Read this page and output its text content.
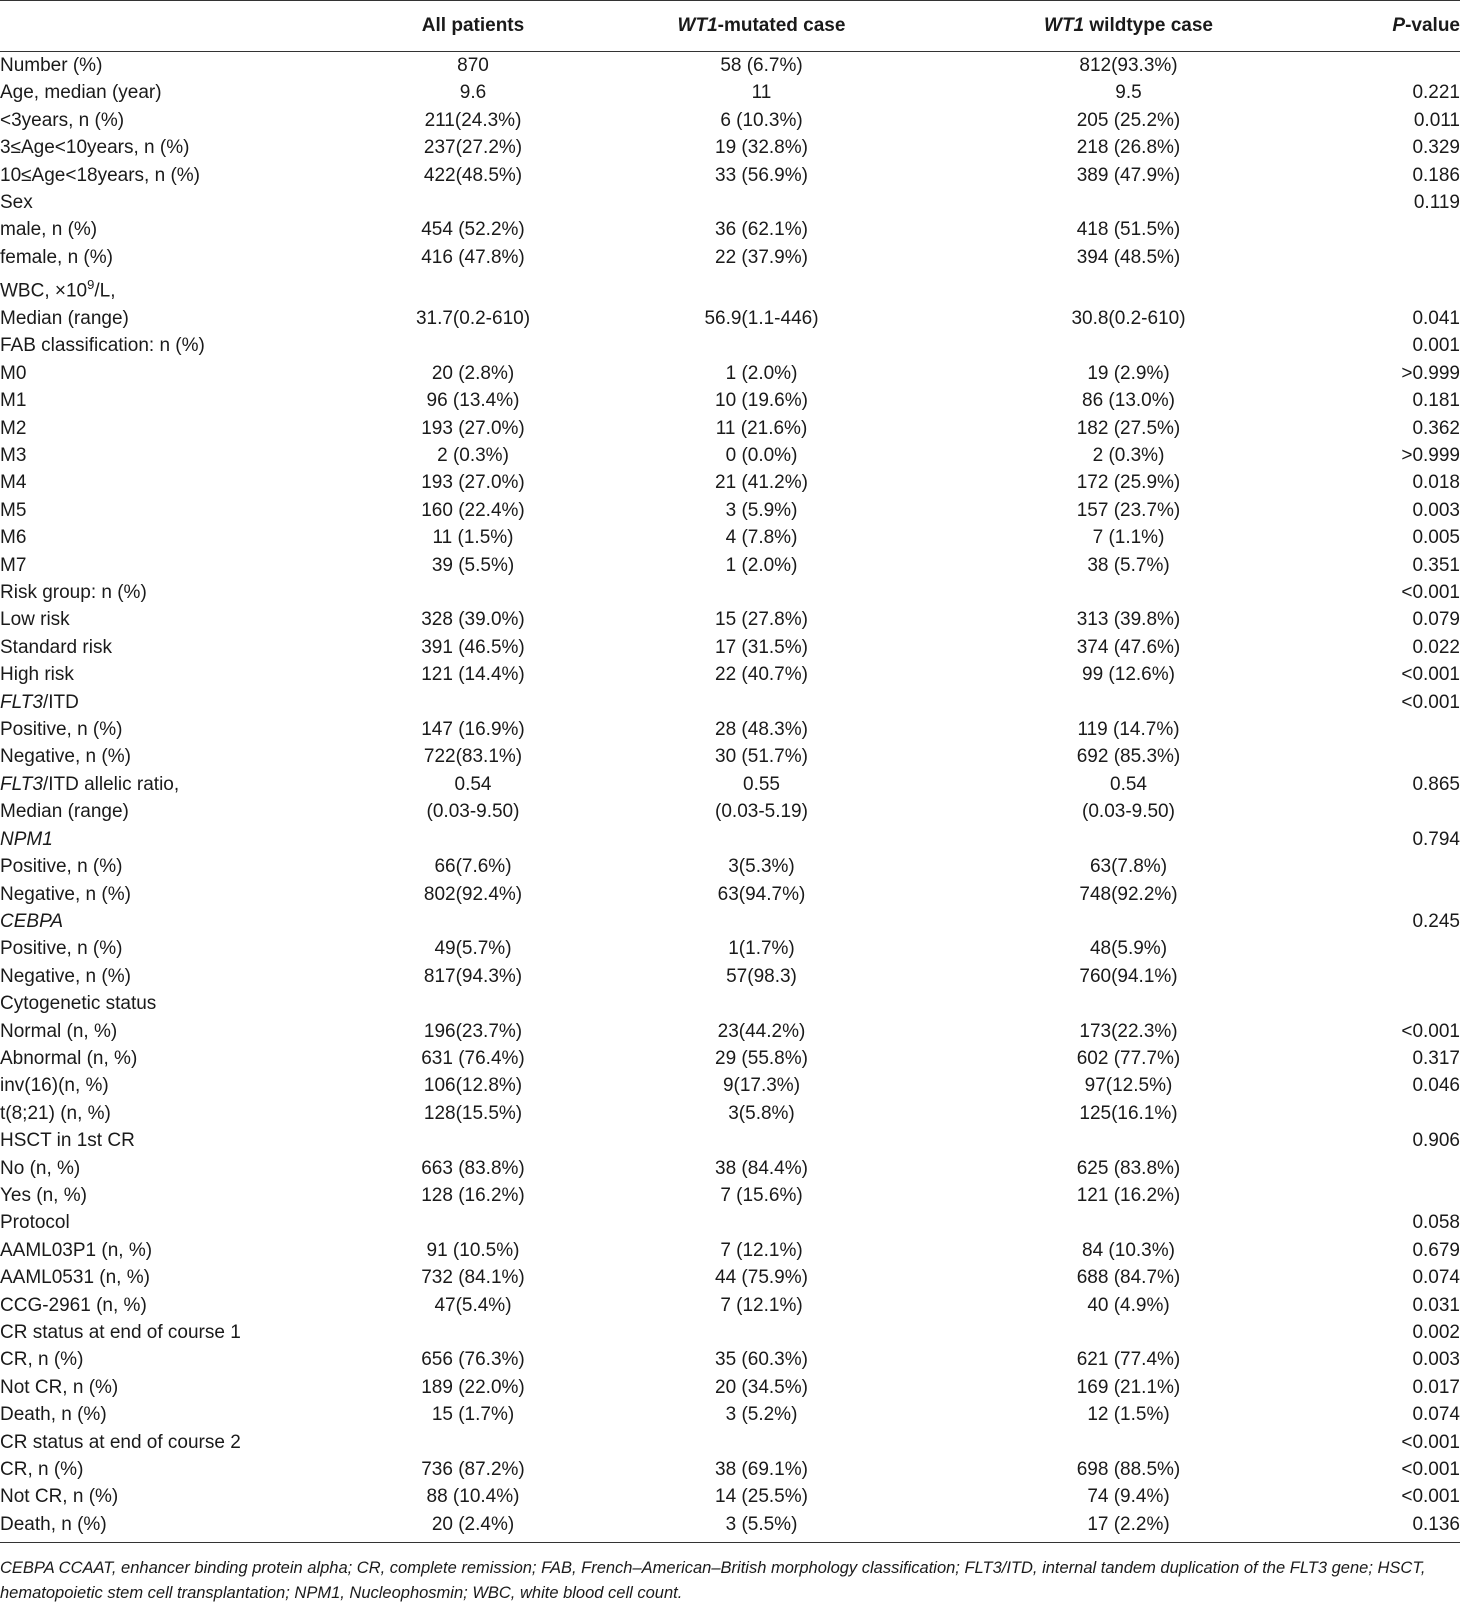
	All patients	WT1-mutated case	WT1 wildtype case	P-value
Number (%)	870	58 (6.7%)	812(93.3%)	
Age, median (year)	9.6	11	9.5	0.221
<3years, n (%)	211(24.3%)	6 (10.3%)	205 (25.2%)	0.011
3≤Age<10years, n (%)	237(27.2%)	19 (32.8%)	218 (26.8%)	0.329
10≤Age<18years, n (%)	422(48.5%)	33 (56.9%)	389 (47.9%)	0.186
Sex				0.119
male, n (%)	454 (52.2%)	36 (62.1%)	418 (51.5%)	
female, n (%)	416 (47.8%)	22 (37.9%)	394 (48.5%)	
WBC, $\times 10^9/L$,				
Median (range)	31.7(0.2-610)	56.9(1.1-446)	30.8(0.2-610)	0.041
FAB classification: n (%)				0.001
M0	20 (2.8%)	1 (2.0%)	19 (2.9%)	>0.999
M1	96 (13.4%)	10 (19.6%)	86 (13.0%)	0.181
M2	193 (27.0%)	11 (21.6%)	182 (27.5%)	0.362
M3	2 (0.3%)	0 (0.0%)	2 (0.3%)	>0.999
M4	193 (27.0%)	21 (41.2%)	172 (25.9%)	0.018
M5	160 (22.4%)	3 (5.9%)	157 (23.7%)	0.003
M6	11 (1.5%)	4 (7.8%)	7 (1.1%)	0.005
M7	39 (5.5%)	1 (2.0%)	38 (5.7%)	0.351
Risk group: n (%)				<0.001
Low risk	328 (39.0%)	15 (27.8%)	313 (39.8%)	0.079
Standard risk	391 (46.5%)	17 (31.5%)	374 (47.6%)	0.022
High risk	121 (14.4%)	22 (40.7%)	99 (12.6%)	<0.001
FLT3/ITD				<0.001
Positive, n (%)	147 (16.9%)	28 (48.3%)	119 (14.7%)	
Negative, n (%)	722(83.1%)	30 (51.7%)	692 (85.3%)	
FLT3/ITD allelic ratio,	0.54	0.55	0.54	0.865
Median (range)	(0.03-9.50)	(0.03-5.19)	(0.03-9.50)	
NPM1				0.794
Positive, n (%)	66(7.6%)	3(5.3%)	63(7.8%)	
Negative, n (%)	802(92.4%)	63(94.7%)	748(92.2%)	
CEBPA				0.245
Positive, n (%)	49(5.7%)	1(1.7%)	48(5.9%)	
Negative, n (%)	817(94.3%)	57(98.3)	760(94.1%)	
Cytogenetic status				
Normal (n, %)	196(23.7%)	23(44.2%)	173(22.3%)	<0.001
Abnormal (n, %)	631 (76.4%)	29 (55.8%)	602 (77.7%)	0.317
inv(16)(n, %)	106(12.8%)	9(17.3%)	97(12.5%)	0.046
t(8;21) (n, %)	128(15.5%)	3(5.8%)	125(16.1%)	
HSCT in 1st CR				0.906
No (n, %)	663 (83.8%)	38 (84.4%)	625 (83.8%)	
Yes (n, %)	128 (16.2%)	7 (15.6%)	121 (16.2%)	
Protocol				0.058
AAML03P1 (n, %)	91 (10.5%)	7 (12.1%)	84 (10.3%)	0.679
AAML0531 (n, %)	732 (84.1%)	44 (75.9%)	688 (84.7%)	0.074
CCG-2961 (n, %)	47(5.4%)	7 (12.1%)	40 (4.9%)	0.031
CR status at end of course 1				0.002
CR, n (%)	656 (76.3%)	35 (60.3%)	621 (77.4%)	0.003
Not CR, n (%)	189 (22.0%)	20 (34.5%)	169 (21.1%)	0.017
Death, n (%)	15 (1.7%)	3 (5.2%)	12 (1.5%)	0.074
CR status at end of course 2				<0.001
CR, n (%)	736 (87.2%)	38 (69.1%)	698 (88.5%)	<0.001
Not CR, n (%)	88 (10.4%)	14 (25.5%)	74 (9.4%)	<0.001
Death, n (%)	20 (2.4%)	3 (5.5%)	17 (2.2%)	0.136
CEBPA CCAAT, enhancer binding protein alpha; CR, complete remission; FAB, French–American–British morphology classification; FLT3/ITD, internal tandem duplication of the FLT3 gene; HSCT, hematopoietic stem cell transplantation; NPM1, Nucleophosmin; WBC, white blood cell count.
